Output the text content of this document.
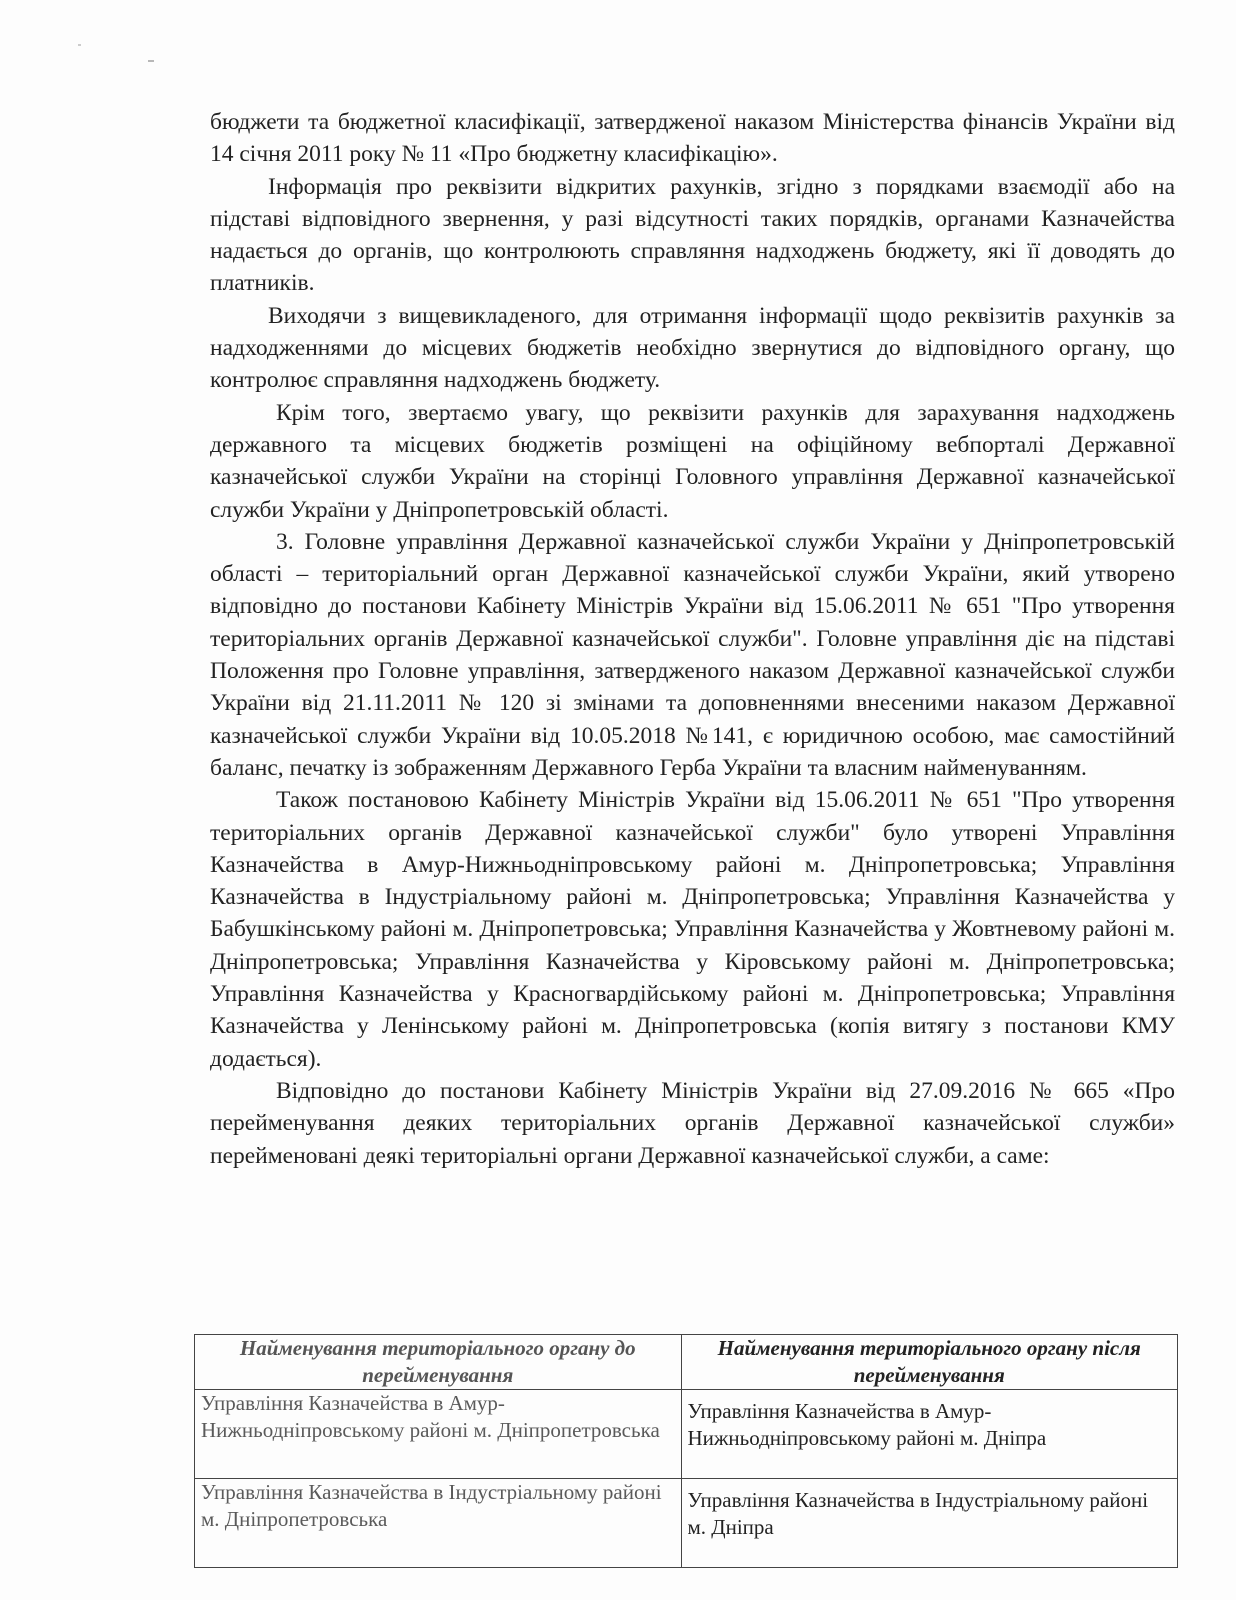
бюджети та бюджетної класифікації, затвердженої наказом Міністерства фінансів України від 14 січня 2011 року № 11 «Про бюджетну класифікацію».

Інформація про реквізити відкритих рахунків, згідно з порядками взаємодії або на підставі відповідного звернення, у разі відсутності таких порядків, органами Казначейства надається до органів, що контролюють справляння надходжень бюджету, які її доводять до платників.

Виходячи з вищевикладеного, для отримання інформації щодо реквізитів рахунків за надходженнями до місцевих бюджетів необхідно звернутися до відповідного органу, що контролює справляння надходжень бюджету.

Крім того, звертаємо увагу, що реквізити рахунків для зарахування надходжень державного та місцевих бюджетів розміщені на офіційному вебпорталі Державної казначейської служби України на сторінці Головного управління Державної казначейської служби України у Дніпропетровській області.

3. Головне управління Державної казначейської служби України у Дніпропетровській області – територіальний орган Державної казначейської служби України, який утворено відповідно до постанови Кабінету Міністрів України від 15.06.2011 № 651 "Про утворення територіальних органів Державної казначейської служби". Головне управління діє на підставі Положення про Головне управління, затвердженого наказом Державної казначейської служби України від 21.11.2011 № 120 зі змінами та доповненнями внесеними наказом Державної казначейської служби України від 10.05.2018 №141, є юридичною особою, має самостійний баланс, печатку із зображенням Державного Герба України та власним найменуванням.

Також постановою Кабінету Міністрів України від 15.06.2011 № 651 "Про утворення територіальних органів Державної казначейської служби" було утворені Управління Казначейства в Амур-Нижньодніпровському районі м. Дніпропетровська; Управління Казначейства в Індустріальному районі м. Дніпропетровська; Управління Казначейства у Бабушкінському районі м. Дніпропетровська; Управління Казначейства у Жовтневому районі м. Дніпропетровська; Управління Казначейства у Кіровському районі м. Дніпропетровська; Управління Казначейства у Красногвардійському районі м. Дніпропетровська; Управління Казначейства у Ленінському районі м. Дніпропетровська (копія витягу з постанови КМУ додається).

Відповідно до постанови Кабінету Міністрів України від 27.09.2016 № 665 «Про перейменування деяких територіальних органів Державної казначейської служби» перейменовані деякі територіальні органи Державної казначейської служби, а саме:

Найменування територіального органу до перейменування	Найменування територіального органу після перейменування
Управління Казначейства в Амур-Нижньодніпровському районі м. Дніпропетровська	Управління Казначейства в Амур-Нижньодніпровському районі м. Дніпра
Управління Казначейства в Індустріальному районі м. Дніпропетровська	Управління Казначейства в Індустріальному районі м. Дніпра
